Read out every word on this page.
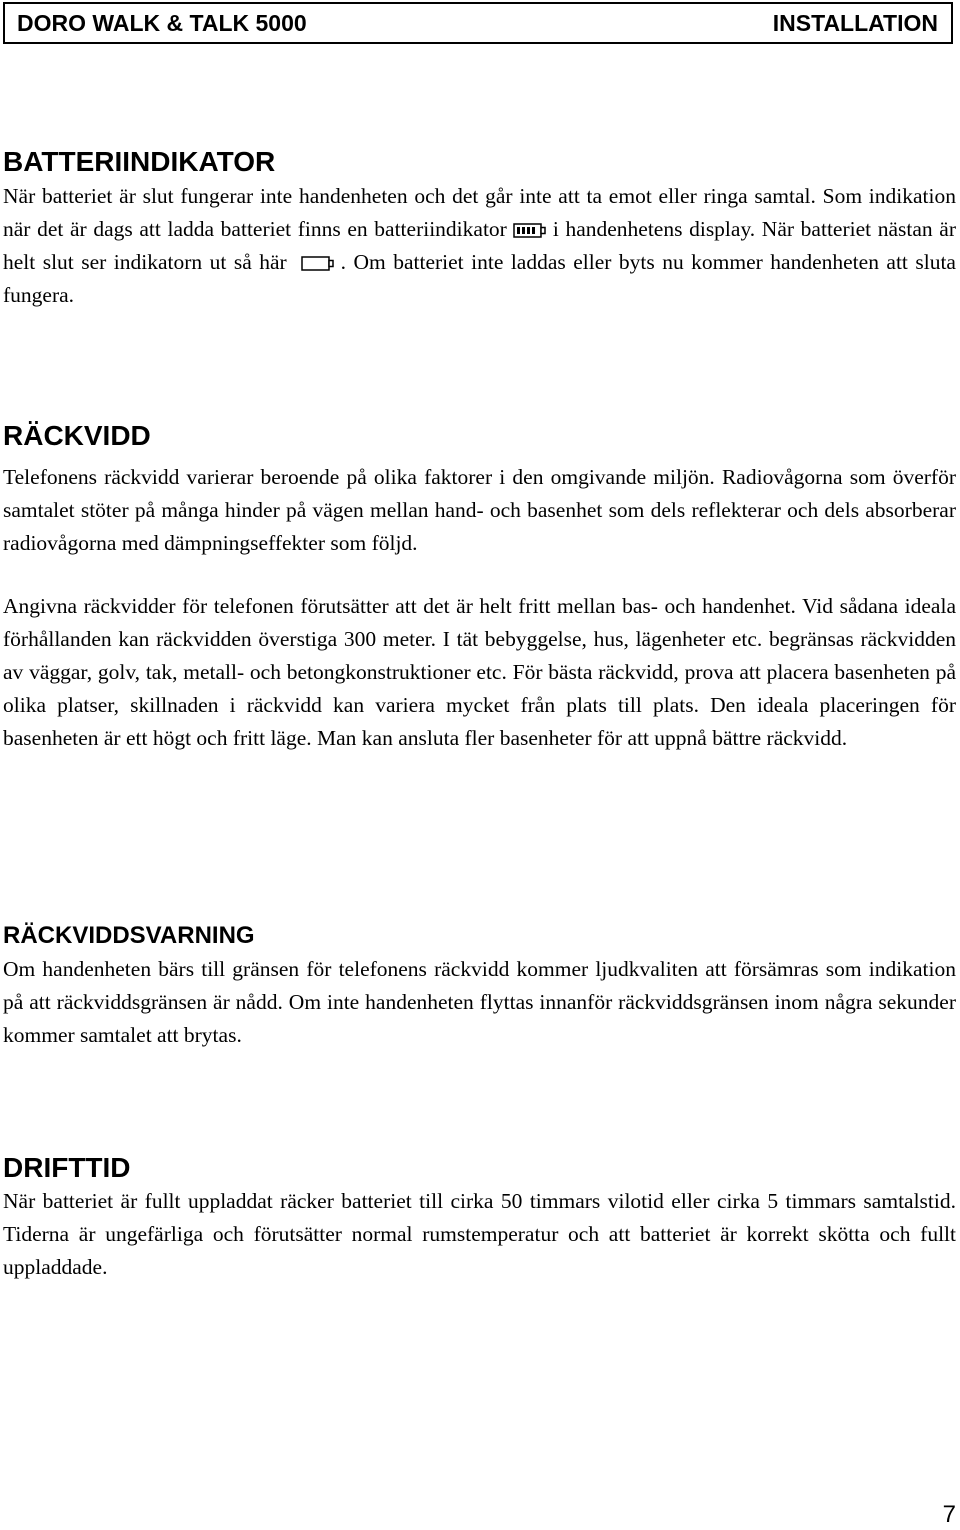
DORO WALK & TALK 5000	INSTALLATION
BATTERIINDIKATOR

När batteriet är slut fungerar inte handenheten och det går inte att ta emot eller ringa samtal. Som indikation när det är dags att ladda batteriet finns en batteriindikator i handenhetens display. När batteriet nästan är helt slut ser indikatorn ut så här	. Om batteriet inte laddas eller byts nu kommer handenheten att sluta fungera.

RÄCKVIDD

Telefonens räckvidd varierar beroende på olika faktorer i den omgivande miljön. Radiovågorna som överför samtalet stöter på många hinder på vägen mellan hand- och basenhet som dels reflekterar och dels absorberar radiovågorna med dämpningseffekter som följd.

Angivna räckvidder för telefonen förutsätter att det är helt fritt mellan bas- och handenhet. Vid sådana ideala förhållanden kan räckvidden överstiga 300 meter. I tät bebyggelse, hus, lägenheter etc. begränsas räckvidden av väggar, golv, tak, metall- och betongkonstruktioner etc. För bästa räckvidd, prova att placera basenheten på olika platser, skillnaden i räckvidd kan variera mycket från plats till plats. Den ideala placeringen för basenheten är ett högt och fritt läge. Man kan ansluta fler basenheter för att uppnå bättre räckvidd.

RÄCKVIDDSVARNING

Om handenheten bärs till gränsen för telefonens räckvidd kommer ljudkvaliten att försämras som indikation på att räckviddsgränsen är nådd. Om inte handenheten flyttas innanför räckviddsgränsen inom några sekunder kommer samtalet att brytas.

DRIFTTID

När batteriet är fullt uppladdat räcker batteriet till cirka 50 timmars vilotid eller cirka 5 timmars samtalstid. Tiderna är ungefärliga och förutsätter normal rumstemperatur och att batteriet är korrekt skötta och fullt uppladdade.

7
